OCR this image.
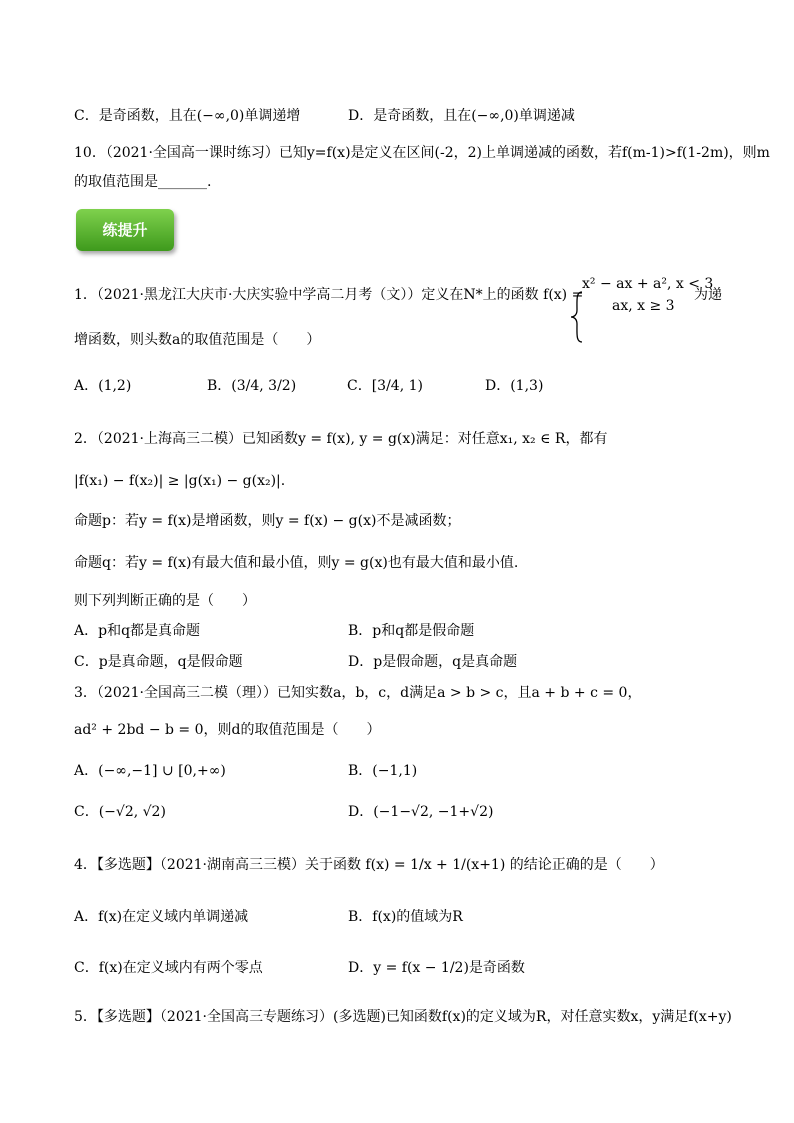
C．是奇函数，且在(−∞,0)单调递增	D．是奇函数，且在(−∞,0)单调递减
10．（2021·全国高一课时练习）已知y=f(x)是定义在区间(-2，2)上单调递减的函数，若f(m-1)>f(1-2m)，则m
的取值范围是_______.
练提升
1．（2021·黑龙江大庆市·大庆实验中学高二月考（文））定义在N*上的函数 f(x) =
x² − ax + a², x < 3
ax, x ≥ 3
为递
增函数，则头数a的取值范围是（　　）
A．(1,2)	B．(3/4, 3/2)	C．[3/4, 1)	D．(1,3)
2．（2021·上海高三二模）已知函数y = f(x), y = g(x)满足：对任意x₁, x₂ ∈ R，都有
|f(x₁) − f(x₂)| ≥ |g(x₁) − g(x₂)|.
命题p：若y = f(x)是增函数，则y = f(x) − g(x)不是减函数；
命题q：若y = f(x)有最大值和最小值，则y = g(x)也有最大值和最小值.
则下列判断正确的是（　　）
A．p和q都是真命题	B．p和q都是假命题
C．p是真命题，q是假命题	D．p是假命题，q是真命题
3．（2021·全国高三二模（理））已知实数a，b，c，d满足a > b > c，且a + b + c = 0，
ad² + 2bd − b = 0，则d的取值范围是（　　）
A．(−∞,−1] ∪ [0,+∞)	B．(−1,1)
C．(−√2, √2)	D．(−1−√2, −1+√2)
4．【多选题】（2021·湖南高三三模）关于函数 f(x) = 1/x + 1/(x+1) 的结论正确的是（　　）
A．f(x)在定义域内单调递减	B．f(x)的值域为R
C．f(x)在定义域内有两个零点	D．y = f(x − 1/2)是奇函数
5．【多选题】（2021·全国高三专题练习）(多选题)已知函数f(x)的定义域为R，对任意实数x，y满足f(x+y)
